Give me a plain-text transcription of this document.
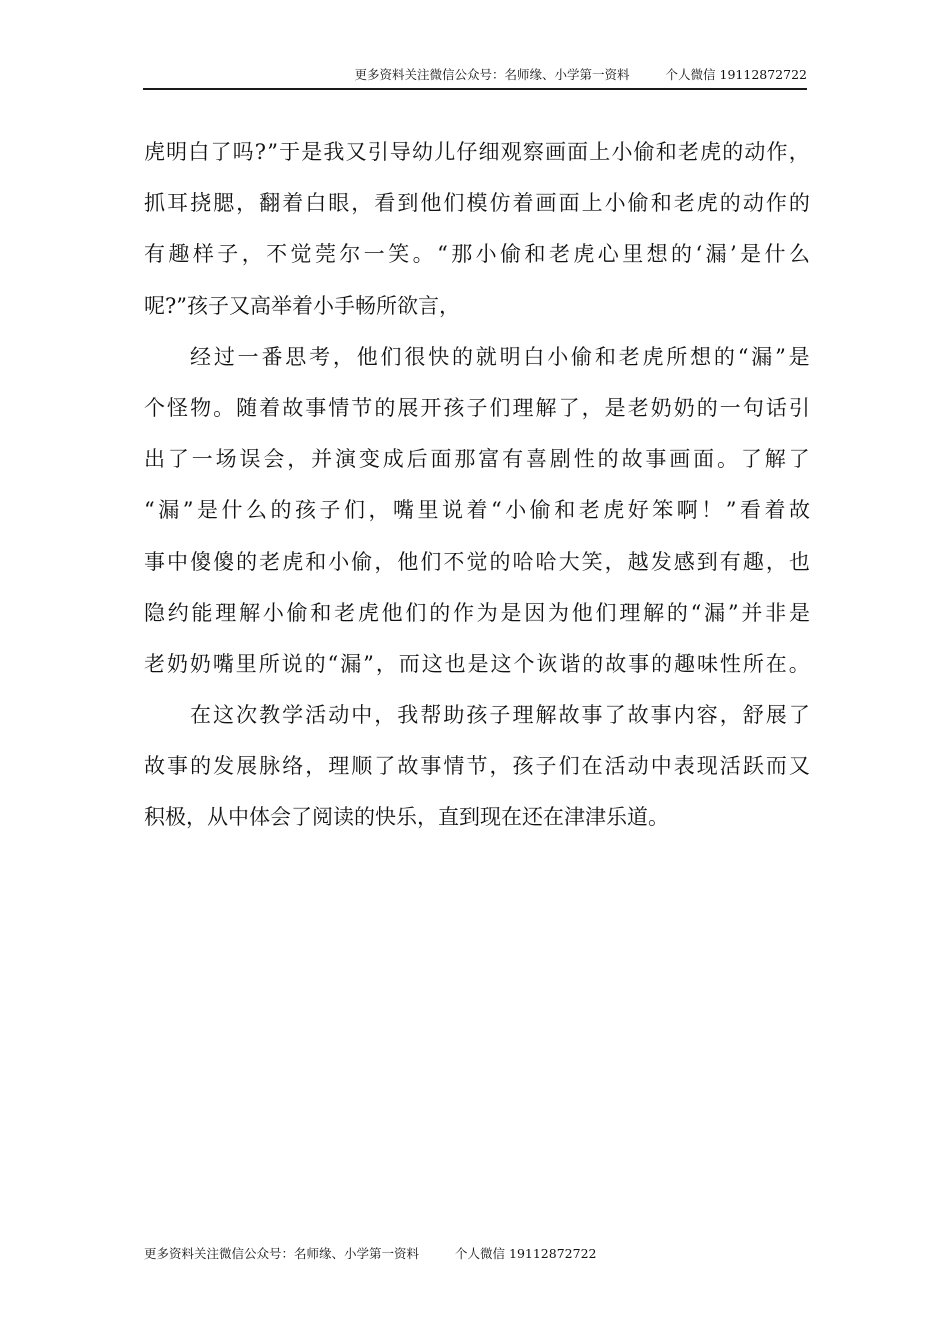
更多资料关注微信公众号：名师缘、小学第一资料	个人微信 19112872722
虎 明 白 了 吗 ? ” 于 是 我 又 引 导 幼 儿 仔 细 观 察 画 面 上 小 偷 和 老 虎 的 动 作 ，
抓 耳 挠 腮 ， 翻 着 白 眼 ， 看 到 他 们 模 仿 着 画 面 上 小 偷 和 老 虎 的 动 作 的
有 趣 样 子 ， 不 觉 莞 尔 一 笑 。 “ 那 小 偷 和 老 虎 心 里 想 的 ‘ 漏 ’ 是 什 么
呢?”孩子又高举着小手畅所欲言，
经 过 一 番 思 考 ， 他 们 很 快 的 就 明 白 小 偷 和 老 虎 所 想 的 “ 漏 ” 是
个 怪 物 。 随 着 故 事 情 节 的 展 开 孩 子 们 理 解 了 ， 是 老 奶 奶 的 一 句 话 引
出 了 一 场 误 会 ， 并 演 变 成 后 面 那 富 有 喜 剧 性 的 故 事 画 面 。 了 解 了
“ 漏 ” 是 什 么 的 孩 子 们 ， 嘴 里 说 着 “ 小 偷 和 老 虎 好 笨 啊 ！ ” 看 着 故
事 中 傻 傻 的 老 虎 和 小 偷 ， 他 们 不 觉 的 哈 哈 大 笑 ， 越 发 感 到 有 趣 ， 也
隐 约 能 理 解 小 偷 和 老 虎 他 们 的 作 为 是 因 为 他 们 理 解 的 “ 漏 ” 并 非 是
老 奶 奶 嘴 里 所 说 的 “ 漏 ” ， 而 这 也 是 这 个 诙 谐 的 故 事 的 趣 味 性 所 在 。
在 这 次 教 学 活 动 中 ， 我 帮 助 孩 子 理 解 故 事 了 故 事 内 容 ， 舒 展 了
故 事 的 发 展 脉 络 ， 理 顺 了 故 事 情 节 ， 孩 子 们 在 活 动 中 表 现 活 跃 而 又
积极，从中体会了阅读的快乐，直到现在还在津津乐道。
更多资料关注微信公众号：名师缘、小学第一资料	个人微信 19112872722
